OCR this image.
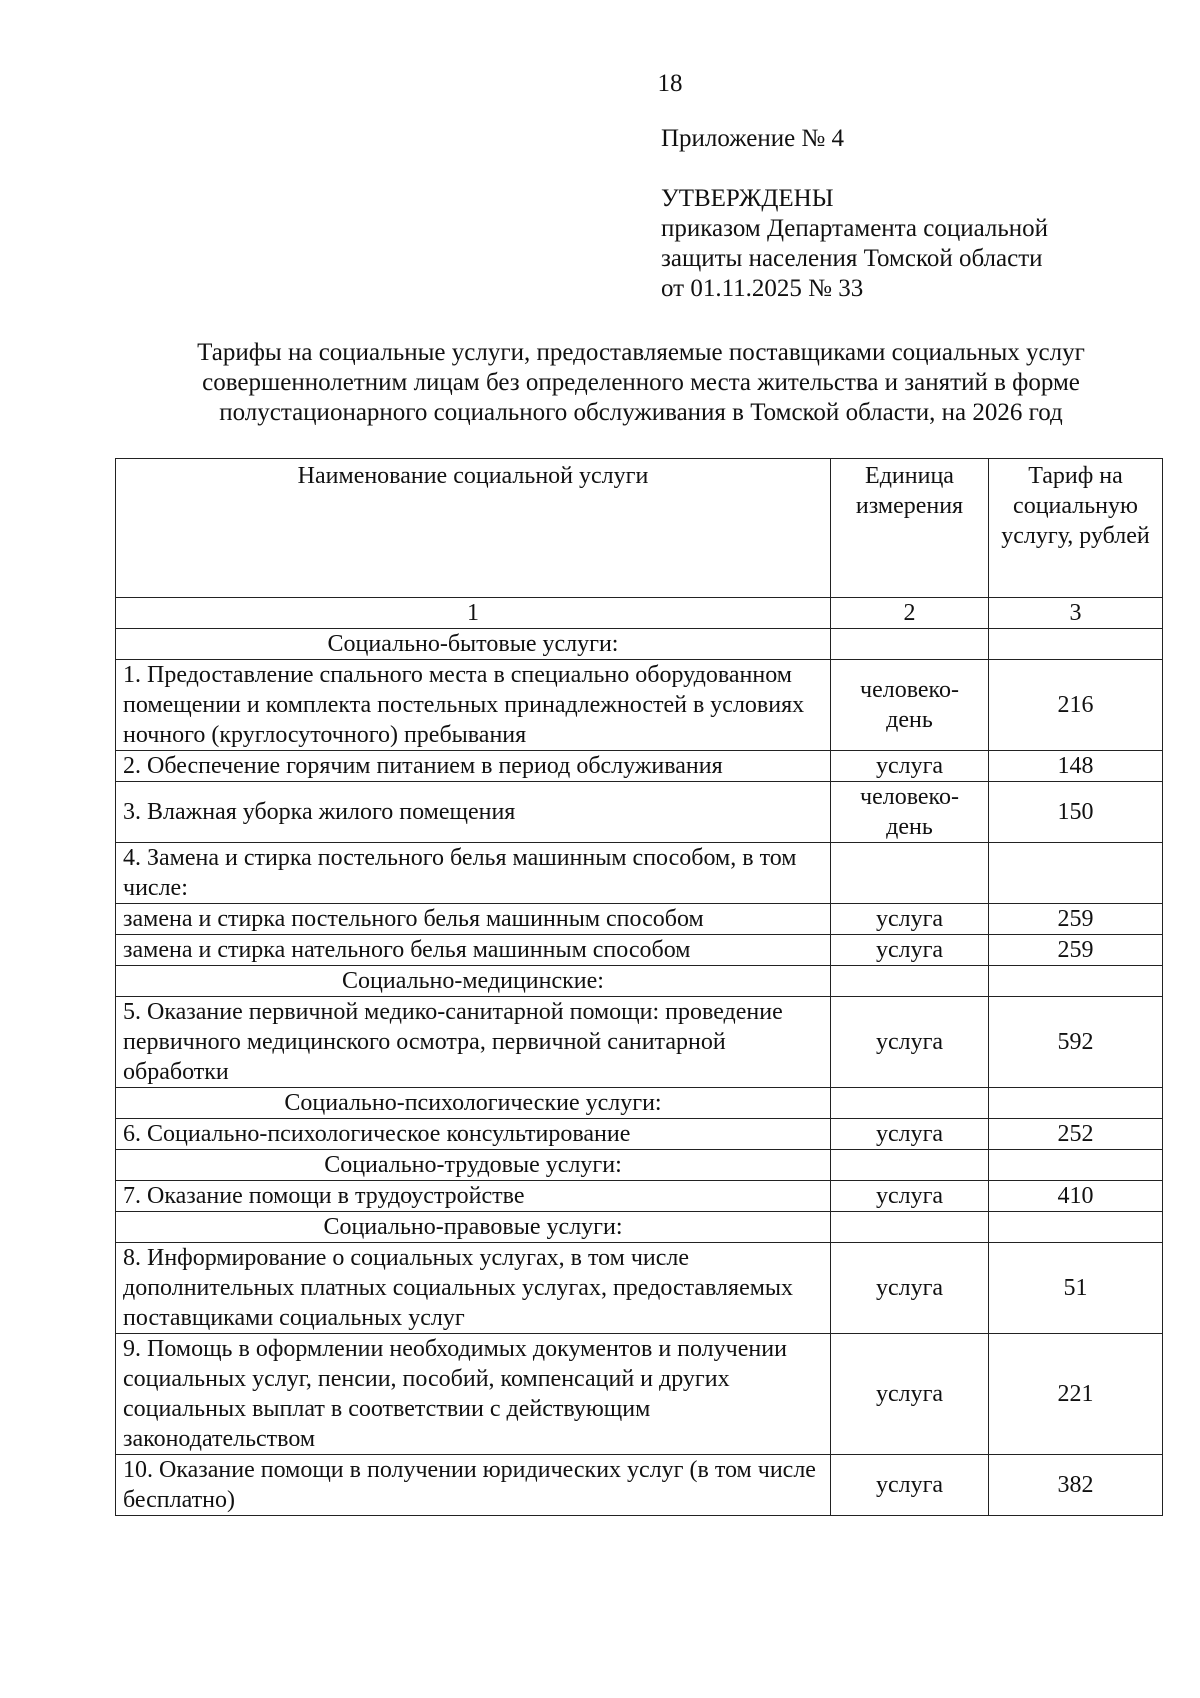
18
Приложение № 4
УТВЕРЖДЕНЫ
приказом Департамента социальной
защиты населения Томской области
от 01.11.2025 № 33
Тарифы на социальные услуги, предоставляемые поставщиками социальных услуг
совершеннолетним лицам без определенного места жительства и занятий в форме
полустационарного социального обслуживания в Томской области, на 2026 год
Наименование социальной услуги	Единица измерения	Тариф на социальную услугу, рублей
1	2	3
Социально-бытовые услуги:		
1. Предоставление спального места в специально оборудованном помещении и комплекта постельных принадлежностей в условиях ночного (круглосуточного) пребывания	человеко-день	216
2. Обеспечение горячим питанием в период обслуживания	услуга	148
3. Влажная уборка жилого помещения	человеко-день	150
4. Замена и стирка постельного белья машинным способом, в том числе:		
замена и стирка постельного белья машинным способом	услуга	259
замена и стирка нательного белья машинным способом	услуга	259
Социально-медицинские:		
5. Оказание первичной медико-санитарной помощи: проведение первичного медицинского осмотра, первичной санитарной обработки	услуга	592
Социально-психологические услуги:		
6. Социально-психологическое консультирование	услуга	252
Социально-трудовые услуги:		
7. Оказание помощи в трудоустройстве	услуга	410
Социально-правовые услуги:		
8. Информирование о социальных услугах, в том числе дополнительных платных социальных услугах, предоставляемых поставщиками социальных услуг	услуга	51
9. Помощь в оформлении необходимых документов и получении социальных услуг, пенсии, пособий, компенсаций и других социальных выплат в соответствии с действующим законодательством	услуга	221
10. Оказание помощи в получении юридических услуг (в том числе бесплатно)	услуга	382
